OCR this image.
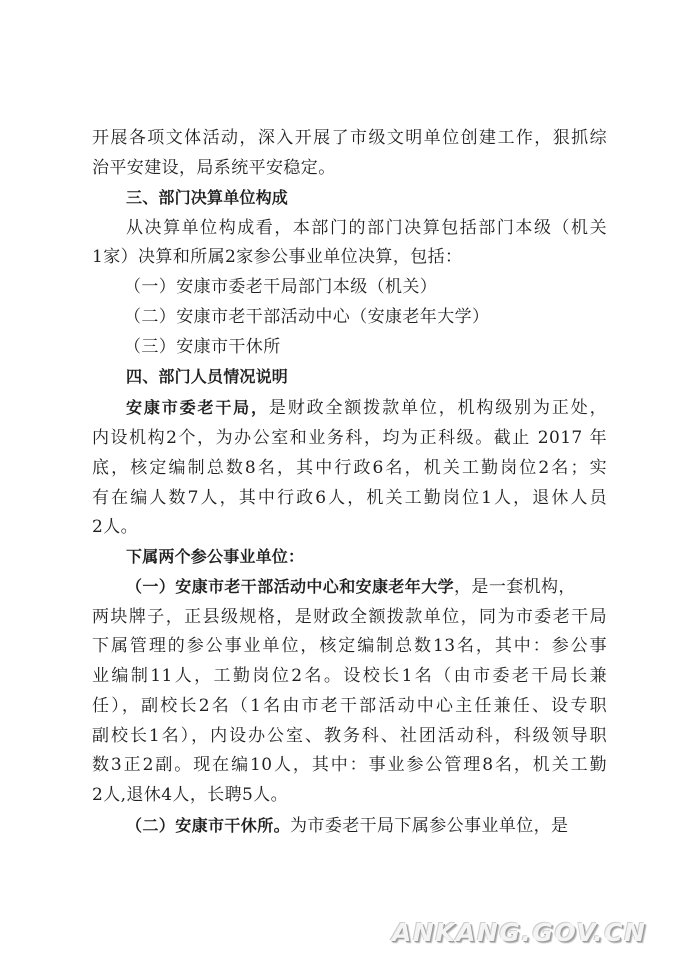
开展各项文体活动，深入开展了市级文明单位创建工作，狠抓综
治平安建设，局系统平安稳定。
三、部门决算单位构成
从决算单位构成看，本部门的部门决算包括部门本级（机关
1家）决算和所属2家参公事业单位决算，包括：
（一）安康市委老干局部门本级（机关）
（二）安康市老干部活动中心（安康老年大学）
（三）安康市干休所
四、部门人员情况说明
安康市委老干局，是财政全额拨款单位，机构级别为正处，
内设机构2个，为办公室和业务科，均为正科级。截止 2017 年
底，核定编制总数8名，其中行政6名，机关工勤岗位2名；实
有在编人数7人，其中行政6人，机关工勤岗位1人，退休人员
2人。
下属两个参公事业单位：
（一）安康市老干部活动中心和安康老年大学，是一套机构，
两块牌子，正县级规格，是财政全额拨款单位，同为市委老干局
下属管理的参公事业单位，核定编制总数13名，其中：参公事
业编制11人，工勤岗位2名。设校长1名（由市委老干局长兼
任），副校长2名（1名由市老干部活动中心主任兼任、设专职
副校长1名），内设办公室、教务科、社团活动科，科级领导职
数3正2副。现在编10人，其中：事业参公管理8名，机关工勤
2人,退休4人，长聘5人。
（二）安康市干休所。为市委老干局下属参公事业单位，是
ANKANG.GOV.CN
